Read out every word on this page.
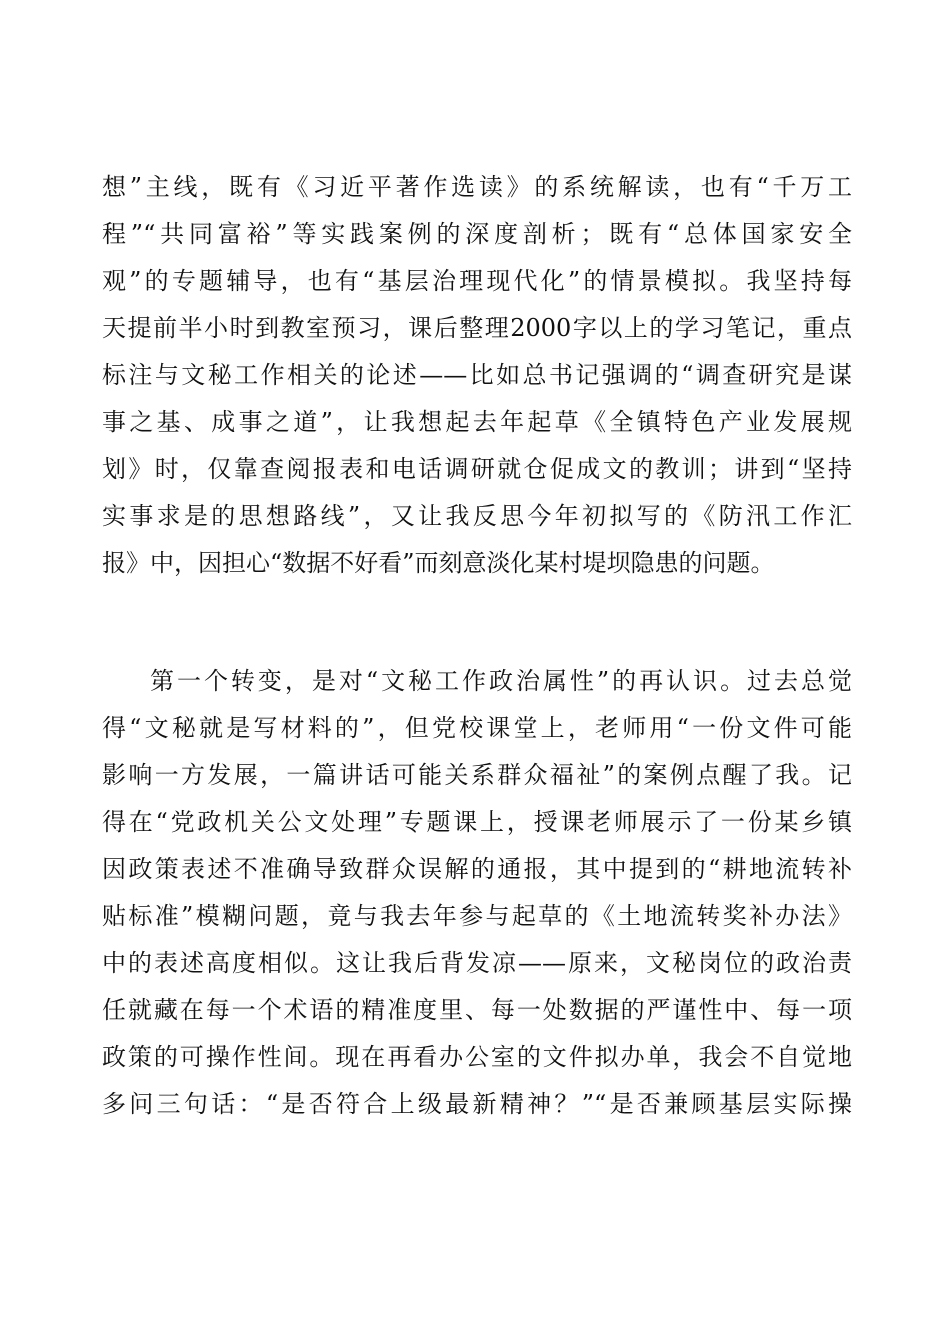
想”主线，既有《习近平著作选读》的系统解读，也有“千万工
程”“共同富裕”等实践案例的深度剖析；既有“总体国家安全
观”的专题辅导，也有“基层治理现代化”的情景模拟。我坚持每
天提前半小时到教室预习，课后整理2000字以上的学习笔记，重点
标注与文秘工作相关的论述——比如总书记强调的“调查研究是谋
事之基、成事之道”，让我想起去年起草《全镇特色产业发展规
划》时，仅靠查阅报表和电话调研就仓促成文的教训；讲到“坚持
实事求是的思想路线”，又让我反思今年初拟写的《防汛工作汇
报》中，因担心“数据不好看”而刻意淡化某村堤坝隐患的问题。
第一个转变，是对“文秘工作政治属性”的再认识。过去总觉
得“文秘就是写材料的”，但党校课堂上，老师用“一份文件可能
影响一方发展，一篇讲话可能关系群众福祉”的案例点醒了我。记
得在“党政机关公文处理”专题课上，授课老师展示了一份某乡镇
因政策表述不准确导致群众误解的通报，其中提到的“耕地流转补
贴标准”模糊问题，竟与我去年参与起草的《土地流转奖补办法》
中的表述高度相似。这让我后背发凉——原来，文秘岗位的政治责
任就藏在每一个术语的精准度里、每一处数据的严谨性中、每一项
政策的可操作性间。现在再看办公室的文件拟办单，我会不自觉地
多问三句话：“是否符合上级最新精神？”“是否兼顾基层实际操
